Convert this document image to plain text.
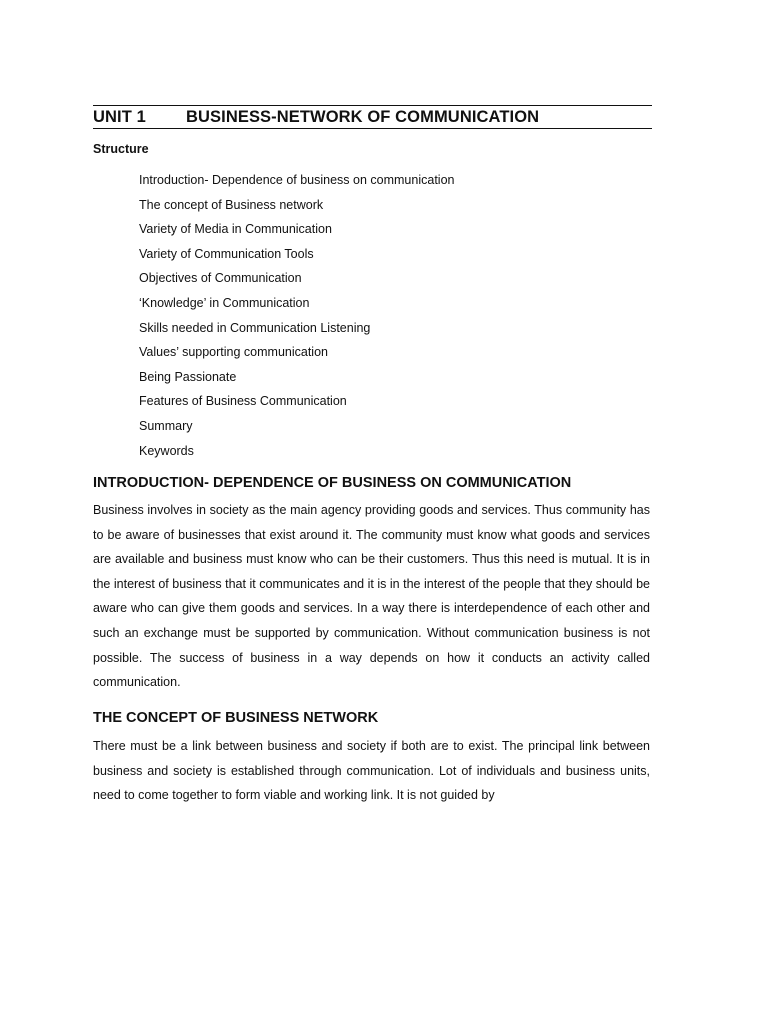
UNIT 1 BUSINESS-NETWORK OF COMMUNICATION
Structure
Introduction- Dependence of business on communication
The concept of Business network
Variety of Media in Communication
Variety of Communication Tools
Objectives of Communication
‘Knowledge’ in Communication
Skills needed in Communication Listening
Values’ supporting communication
Being Passionate
Features of Business Communication
Summary
Keywords
INTRODUCTION- DEPENDENCE OF BUSINESS ON COMMUNICATION

Business involves in society as the main agency providing goods and services. Thus community has to be aware of businesses that exist around it. The community must know what goods and services are available and business must know who can be their customers. Thus this need is mutual. It is in the interest of business that it communicates and it is in the interest of the people that they should be aware who can give them goods and services. In a way there is interdependence of each other and such an exchange must be supported by communication. Without communication business is not possible. The success of business in a way depends on how it conducts an activity called communication.

THE CONCEPT OF BUSINESS NETWORK

There must be a link between business and society if both are to exist. The principal link between business and society is established through communication. Lot of individuals and business units, need to come together to form viable and working link. It is not guided by
